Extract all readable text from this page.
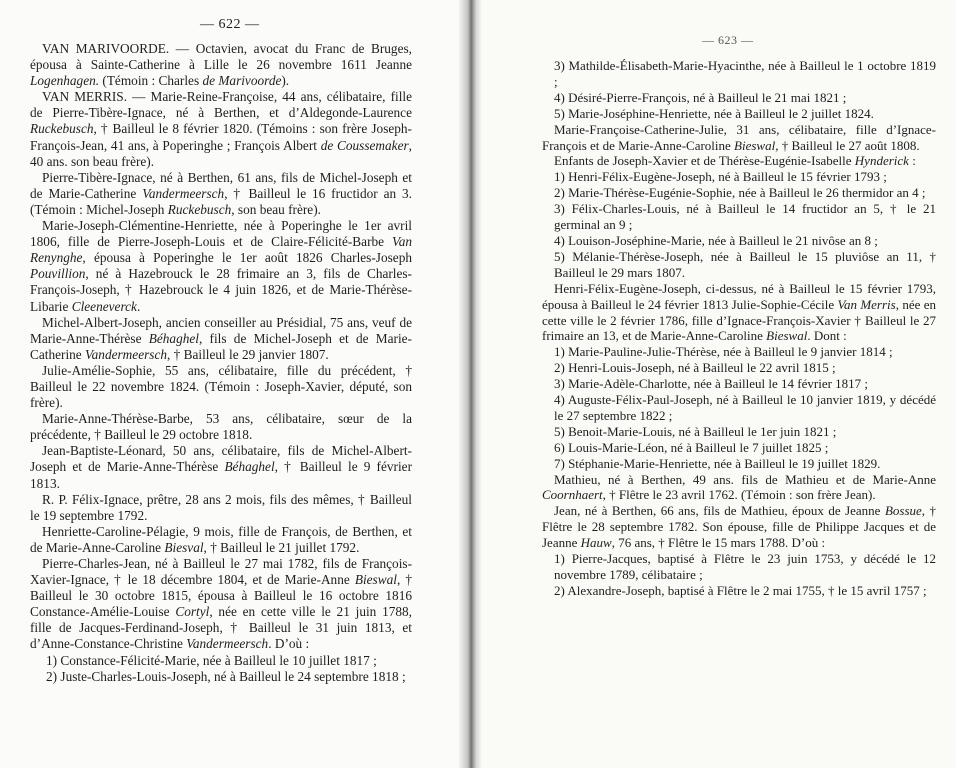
— 622 —

VAN MARIVOORDE. — Octavien, avocat du Franc de Bruges, épousa à Sainte-Catherine à Lille le 26 novembre 1611 Jeanne Logenhagen. (Témoin : Charles de Marivoorde).

VAN MERRIS. — Marie-Reine-Françoise, 44 ans, célibataire, fille de Pierre-Tibère-Ignace, né à Berthen, et d’Aldegonde-Laurence Ruckebusch, † Bailleul le 8 février 1820. (Témoins : son frère Joseph-François-Jean, 41 ans, à Poperinghe ; François Albert de Coussemaker, 40 ans. son beau frère).

Pierre-Tibère-Ignace, né à Berthen, 61 ans, fils de Michel-Joseph et de Marie-Catherine Vandermeersch, † Bailleul le 16 fructidor an 3. (Témoin : Michel-Joseph Ruckebusch, son beau frère).

Marie-Joseph-Clémentine-Henriette, née à Poperinghe le 1er avril 1806, fille de Pierre-Joseph-Louis et de Claire-Félicité-Barbe Van Renynghe, épousa à Poperinghe le 1er août 1826 Charles-Joseph Pouvillion, né à Hazebrouck le 28 frimaire an 3, fils de Charles-François-Joseph, † Hazebrouck le 4 juin 1826, et de Marie-Thérèse-Libarie Cleeneverck.

Michel-Albert-Joseph, ancien conseiller au Présidial, 75 ans, veuf de Marie-Anne-Thérèse Béhaghel, fils de Michel-Joseph et de Marie-Catherine Vandermeersch, † Bailleul le 29 janvier 1807.

Julie-Amélie-Sophie, 55 ans, célibataire, fille du précédent, † Bailleul le 22 novembre 1824. (Témoin : Joseph-Xavier, député, son frère).

Marie-Anne-Thérèse-Barbe, 53 ans, célibataire, sœur de la précédente, † Bailleul le 29 octobre 1818.

Jean-Baptiste-Léonard, 50 ans, célibataire, fils de Michel-Albert-Joseph et de Marie-Anne-Thérèse Béhaghel, † Bailleul le 9 février 1813.

R. P. Félix-Ignace, prêtre, 28 ans 2 mois, fils des mêmes, † Bailleul le 19 septembre 1792.

Henriette-Caroline-Pélagie, 9 mois, fille de François, de Berthen, et de Marie-Anne-Caroline Biesval, † Bailleul le 21 juillet 1792.

Pierre-Charles-Jean, né à Bailleul le 27 mai 1782, fils de François-Xavier-Ignace, † le 18 décembre 1804, et de Marie-Anne Bieswal, † Bailleul le 30 octobre 1815, épousa à Bailleul le 16 octobre 1816 Constance-Amélie-Louise Cortyl, née en cette ville le 21 juin 1788, fille de Jacques-Ferdinand-Joseph, † Bailleul le 31 juin 1813, et d’Anne-Constance-Christine Vandermeersch. D’où :

1) Constance-Félicité-Marie, née à Bailleul le 10 juillet 1817 ;

2) Juste-Charles-Louis-Joseph, né à Bailleul le 24 septembre 1818 ;

— 623 —

3) Mathilde-Élisabeth-Marie-Hyacinthe, née à Bailleul le 1 octobre 1819 ;

4) Désiré-Pierre-François, né à Bailleul le 21 mai 1821 ;

5) Marie-Joséphine-Henriette, née à Bailleul le 2 juillet 1824.

Marie-Françoise-Catherine-Julie, 31 ans, célibataire, fille d’Ignace-François et de Marie-Anne-Caroline Bieswal, † Bailleul le 27 août 1808.

Enfants de Joseph-Xavier et de Thérèse-Eugénie-Isabelle Hynderick :

1) Henri-Félix-Eugène-Joseph, né à Bailleul le 15 février 1793 ;

2) Marie-Thérèse-Eugénie-Sophie, née à Bailleul le 26 thermidor an 4 ;

3) Félix-Charles-Louis, né à Bailleul le 14 fructidor an 5, † le 21 germinal an 9 ;

4) Louison-Joséphine-Marie, née à Bailleul le 21 nivôse an 8 ;

5) Mélanie-Thérèse-Joseph, née à Bailleul le 15 pluviôse an 11, † Bailleul le 29 mars 1807.

Henri-Félix-Eugène-Joseph, ci-dessus, né à Bailleul le 15 février 1793, épousa à Bailleul le 24 février 1813 Julie-Sophie-Cécile Van Merris, née en cette ville le 2 février 1786, fille d’Ignace-François-Xavier † Bailleul le 27 frimaire an 13, et de Marie-Anne-Caroline Bieswal. Dont :

1) Marie-Pauline-Julie-Thérèse, née à Bailleul le 9 janvier 1814 ;

2) Henri-Louis-Joseph, né à Bailleul le 22 avril 1815 ;

3) Marie-Adèle-Charlotte, née à Bailleul le 14 février 1817 ;

4) Auguste-Félix-Paul-Joseph, né à Bailleul le 10 janvier 1819, y décédé le 27 septembre 1822 ;

5) Benoit-Marie-Louis, né à Bailleul le 1er juin 1821 ;

6) Louis-Marie-Léon, né à Bailleul le 7 juillet 1825 ;

7) Stéphanie-Marie-Henriette, née à Bailleul le 19 juillet 1829.

Mathieu, né à Berthen, 49 ans. fils de Mathieu et de Marie-Anne Coornhaert, † Flêtre le 23 avril 1762. (Témoin : son frère Jean).

Jean, né à Berthen, 66 ans, fils de Mathieu, époux de Jeanne Bossue, † Flêtre le 28 septembre 1782. Son épouse, fille de Philippe Jacques et de Jeanne Hauw, 76 ans, † Flêtre le 15 mars 1788. D’où :

1) Pierre-Jacques, baptisé à Flêtre le 23 juin 1753, y décédé le 12 novembre 1789, célibataire ;

2) Alexandre-Joseph, baptisé à Flêtre le 2 mai 1755, † le 15 avril 1757 ;
